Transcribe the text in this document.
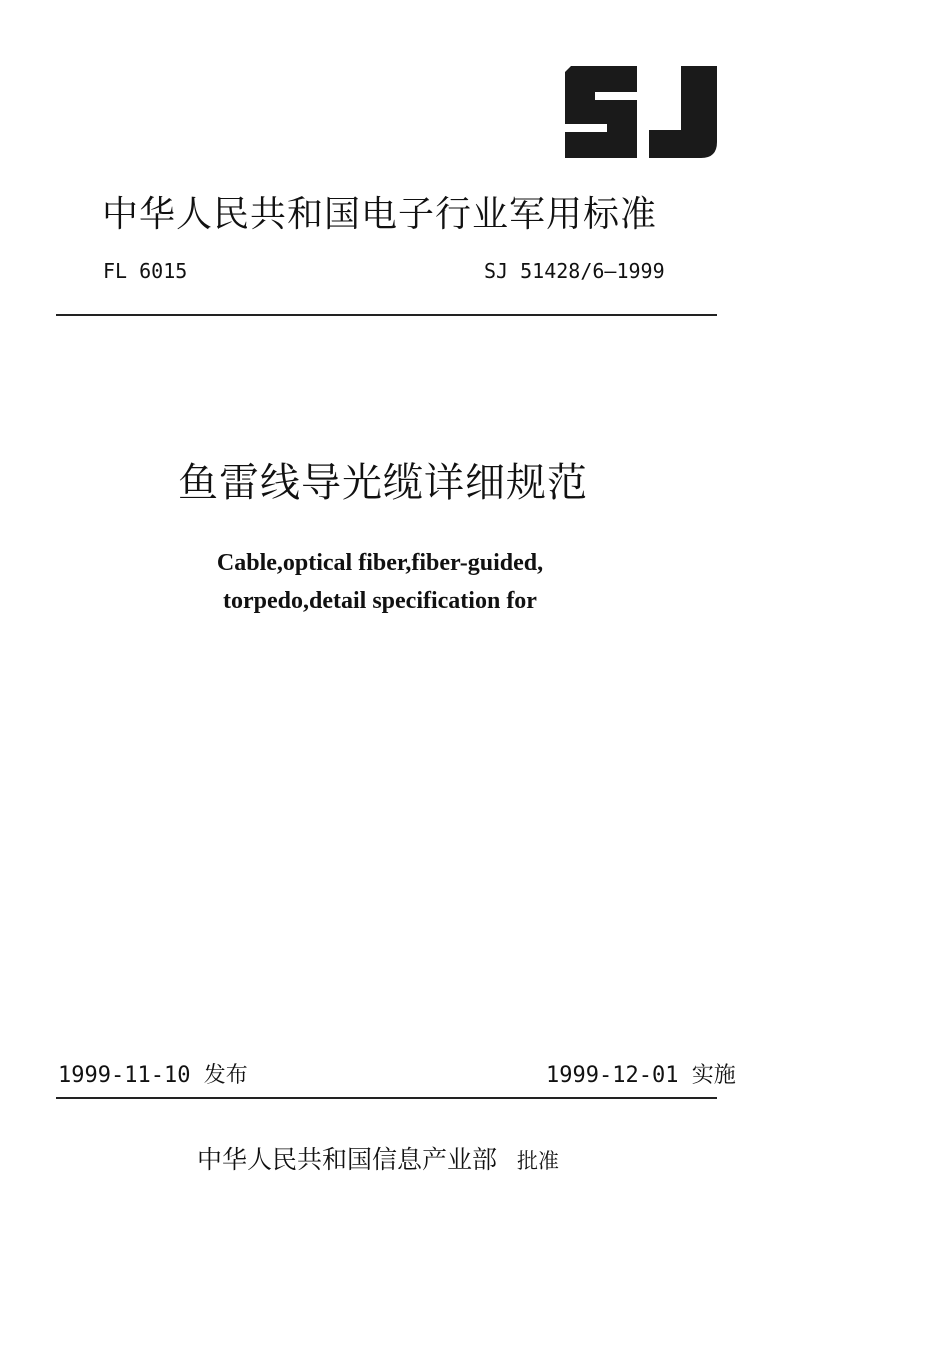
中华人民共和国电子行业军用标准
FL 6015	SJ 51428/6—1999
鱼雷线导光缆详细规范
Cable,optical fiber,fiber-guided,
torpedo,detail specification for
1999-11-10 发布	1999-12-01 实施
中华人民共和国信息产业部 批准
